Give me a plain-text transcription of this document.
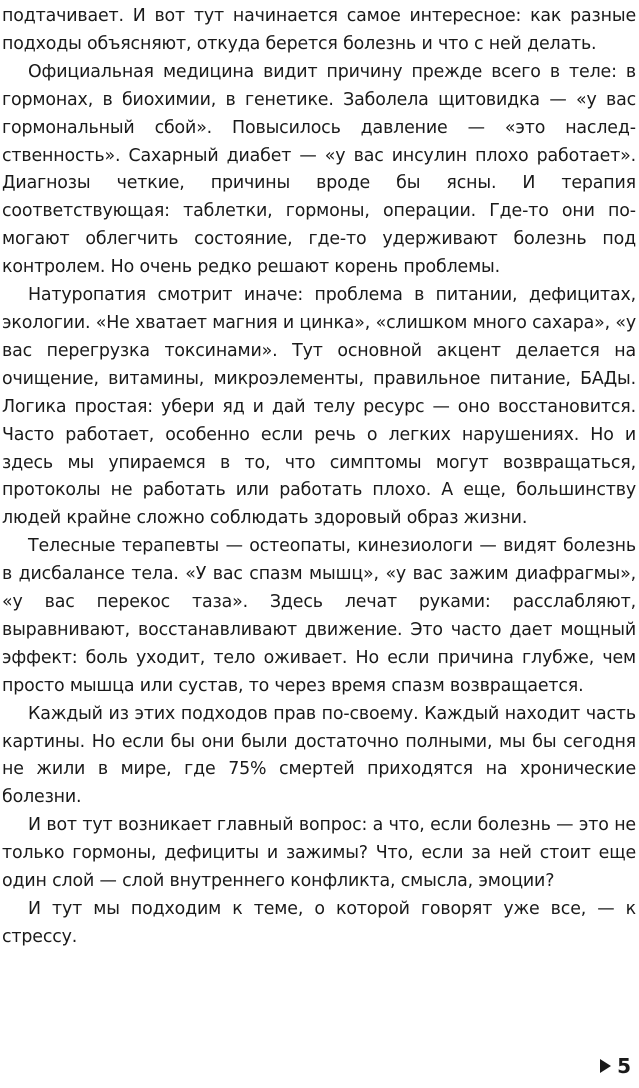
подтачивает. И вот тут начинается самое интересное: как разные подходы объясняют, откуда берется болезнь и что с ней делать.

Официальная медицина видит причину прежде всего в теле: в гормонах, в биохимии, в генетике. Заболела щитовидка — «у вас гормональный сбой». Повысилось давление — «это наследственность». Сахарный диабет — «у вас инсулин плохо работает». Диагнозы четкие, причины вроде бы ясны. И терапия соответствующая: таблетки, гормоны, операции. Где-то они помогают облегчить состояние, где-то удерживают болезнь под контролем. Но очень редко решают корень проблемы.

Натуропатия смотрит иначе: проблема в питании, дефицитах, экологии. «Не хватает магния и цинка», «слишком много сахара», «у вас перегрузка токсинами». Тут основной акцент делается на очищение, витамины, микроэлементы, правильное питание, БАДы. Логика простая: убери яд и дай телу ресурс — оно восстановится. Часто работает, особенно если речь о легких нарушениях. Но и здесь мы упираемся в то, что симптомы могут возвращаться, протоколы не работать или работать плохо. А еще, большинству людей крайне сложно соблюдать здоровый образ жизни.

Телесные терапевты — остеопаты, кинезиологи — видят болезнь в дисбалансе тела. «У вас спазм мышц», «у вас зажим диафрагмы», «у вас перекос таза». Здесь лечат руками: расслабляют, выравнивают, восстанавливают движение. Это часто дает мощный эффект: боль уходит, тело оживает. Но если причина глубже, чем просто мышца или сустав, то через время спазм возвращается.

Каждый из этих подходов прав по-своему. Каждый находит часть картины. Но если бы они были достаточно полными, мы бы сегодня не жили в мире, где 75% смертей приходятся на хронические болезни.

И вот тут возникает главный вопрос: а что, если болезнь — это не только гормоны, дефициты и зажимы? Что, если за ней стоит еще один слой — слой внутреннего конфликта, смысла, эмоции?

И тут мы подходим к теме, о которой говорят уже все, — к стрессу.

5
